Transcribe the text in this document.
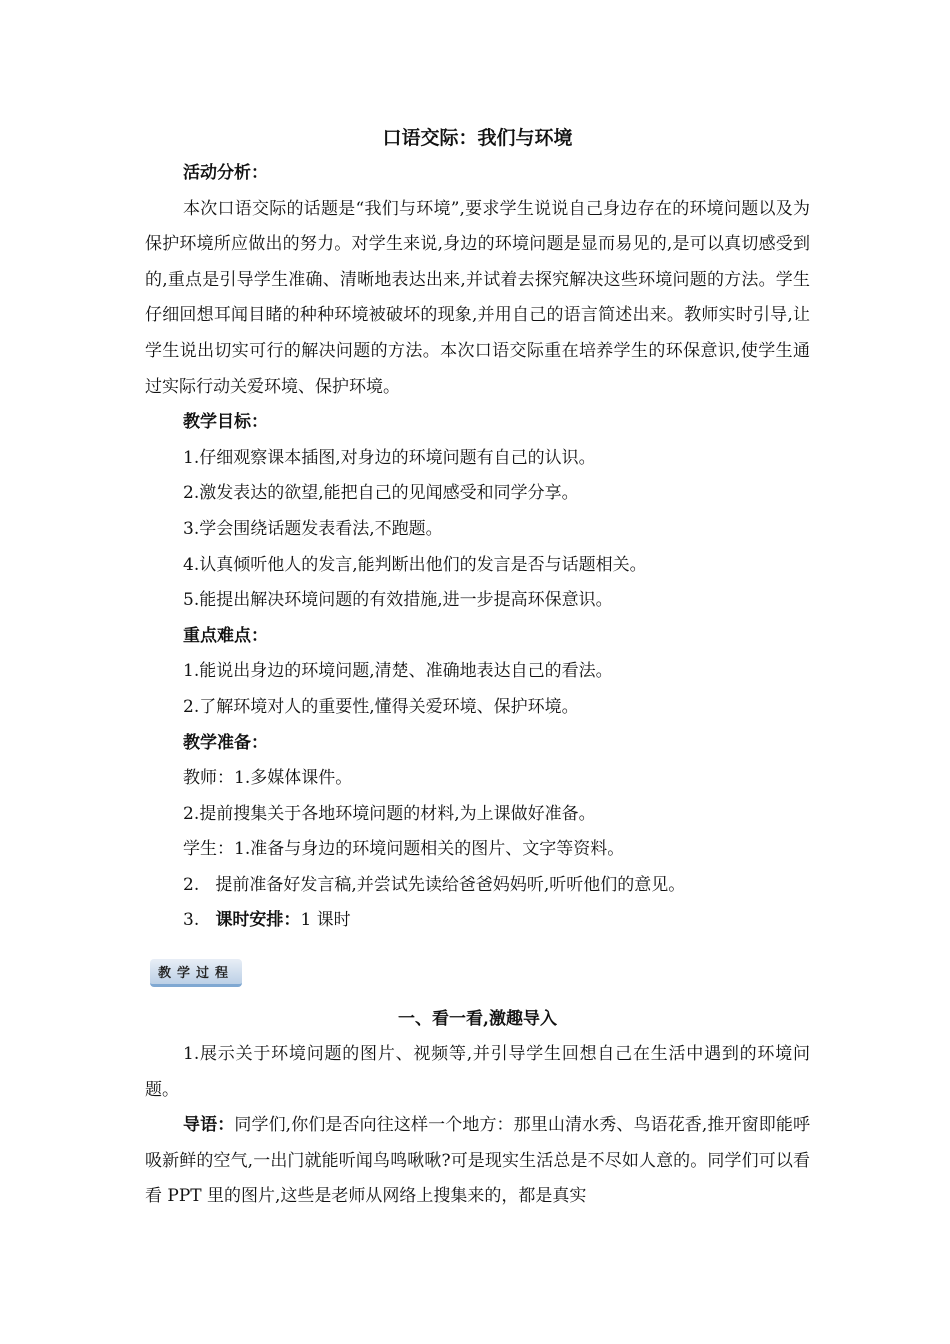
口语交际：我们与环境

活动分析：

本次口语交际的话题是“我们与环境”,要求学生说说自己身边存在的环境问题以及为保护环境所应做出的努力。对学生来说,身边的环境问题是显而易见的,是可以真切感受到的,重点是引导学生准确、清晰地表达出来,并试着去探究解决这些环境问题的方法。学生仔细回想耳闻目睹的种种环境被破坏的现象,并用自己的语言简述出来。教师实时引导,让学生说出切实可行的解决问题的方法。本次口语交际重在培养学生的环保意识,使学生通过实际行动关爱环境、保护环境。

教学目标：

1.仔细观察课本插图,对身边的环境问题有自己的认识。

2.激发表达的欲望,能把自己的见闻感受和同学分享。

3.学会围绕话题发表看法,不跑题。

4.认真倾听他人的发言,能判断出他们的发言是否与话题相关。

5.能提出解决环境问题的有效措施,进一步提高环保意识。

重点难点：

1.能说出身边的环境问题,清楚、准确地表达自己的看法。

2.了解环境对人的重要性,懂得关爱环境、保护环境。

教学准备：

教师：1.多媒体课件。

2.提前搜集关于各地环境问题的材料,为上课做好准备。

学生：1.准备与身边的环境问题相关的图片、文字等资料。

2.   提前准备好发言稿,并尝试先读给爸爸妈妈听,听听他们的意见。

3.   课时安排：1 课时

教学过程

一、看一看,激趣导入

1.展示关于环境问题的图片、视频等,并引导学生回想自己在生活中遇到的环境问题。

导语：同学们,你们是否向往这样一个地方：那里山清水秀、鸟语花香,推开窗即能呼吸新鲜的空气,一出门就能听闻鸟鸣啾啾?可是现实生活总是不尽如人意的。同学们可以看看 PPT 里的图片,这些是老师从网络上搜集来的，都是真实
